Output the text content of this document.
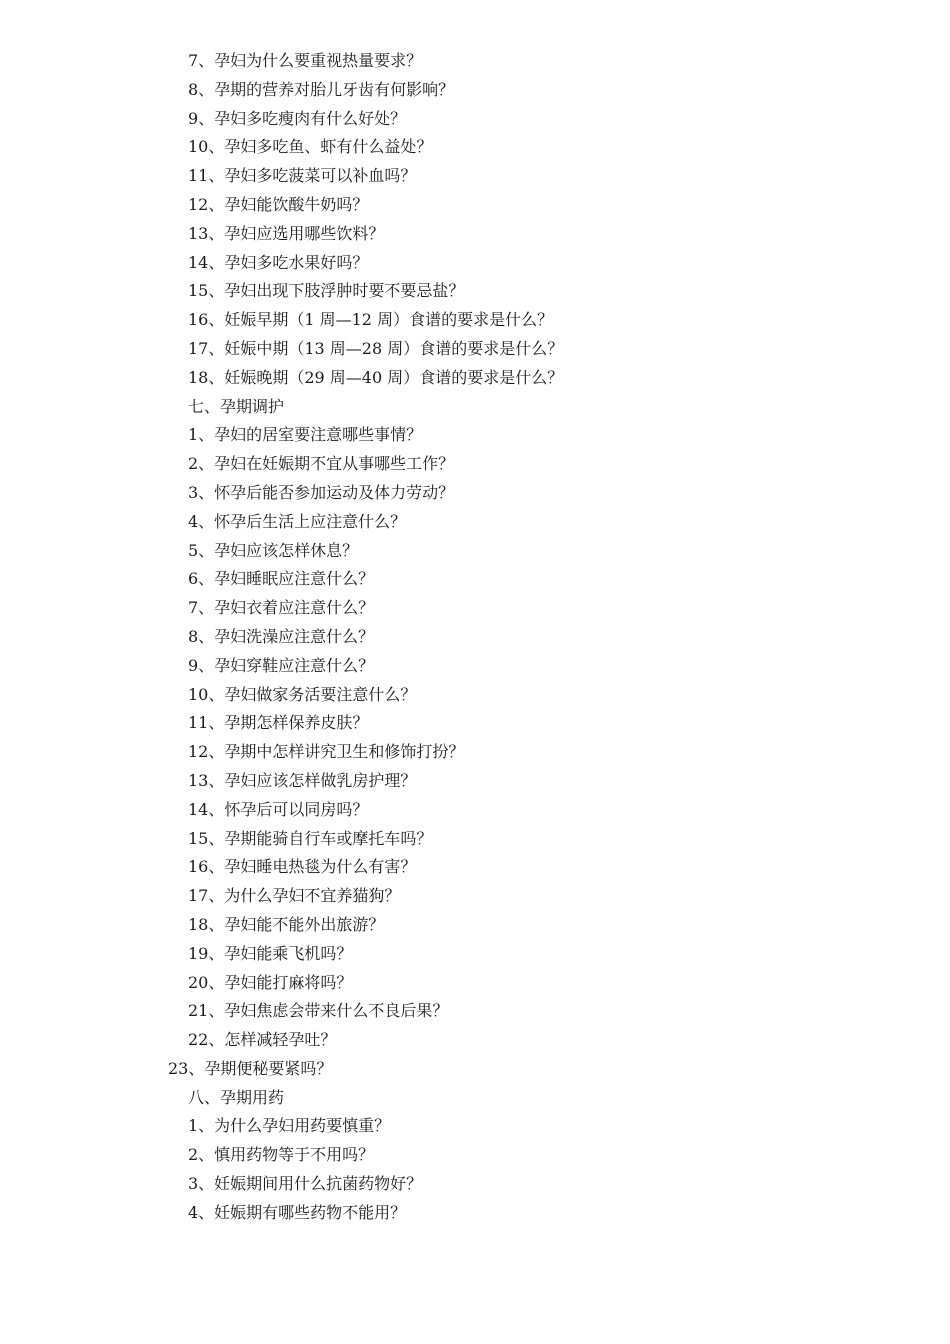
7、孕妇为什么要重视热量要求？
8、孕期的营养对胎儿牙齿有何影响？
9、孕妇多吃瘦肉有什么好处？
10、孕妇多吃鱼、虾有什么益处？
11、孕妇多吃菠菜可以补血吗？
12、孕妇能饮酸牛奶吗？
13、孕妇应选用哪些饮料？
14、孕妇多吃水果好吗？
15、孕妇出现下肢浮肿时要不要忌盐？
16、妊娠早期（1 周—12 周）食谱的要求是什么？
17、妊娠中期（13 周—28 周）食谱的要求是什么？
18、妊娠晚期（29 周—40 周）食谱的要求是什么？
七、孕期调护
1、孕妇的居室要注意哪些事情？
2、孕妇在妊娠期不宜从事哪些工作？
3、怀孕后能否参加运动及体力劳动？
4、怀孕后生活上应注意什么？
5、孕妇应该怎样休息？
6、孕妇睡眠应注意什么？
7、孕妇衣着应注意什么？
8、孕妇洗澡应注意什么？
9、孕妇穿鞋应注意什么？
10、孕妇做家务活要注意什么？
11、孕期怎样保养皮肤？
12、孕期中怎样讲究卫生和修饰打扮？
13、孕妇应该怎样做乳房护理？
14、怀孕后可以同房吗？
15、孕期能骑自行车或摩托车吗？
16、孕妇睡电热毯为什么有害？
17、为什么孕妇不宜养猫狗？
18、孕妇能不能外出旅游？
19、孕妇能乘飞机吗？
20、孕妇能打麻将吗？
21、孕妇焦虑会带来什么不良后果？
22、怎样减轻孕吐？
23、孕期便秘要紧吗？
八、孕期用药
1、为什么孕妇用药要慎重？
2、慎用药物等于不用吗？
3、妊娠期间用什么抗菌药物好？
4、妊娠期有哪些药物不能用？
